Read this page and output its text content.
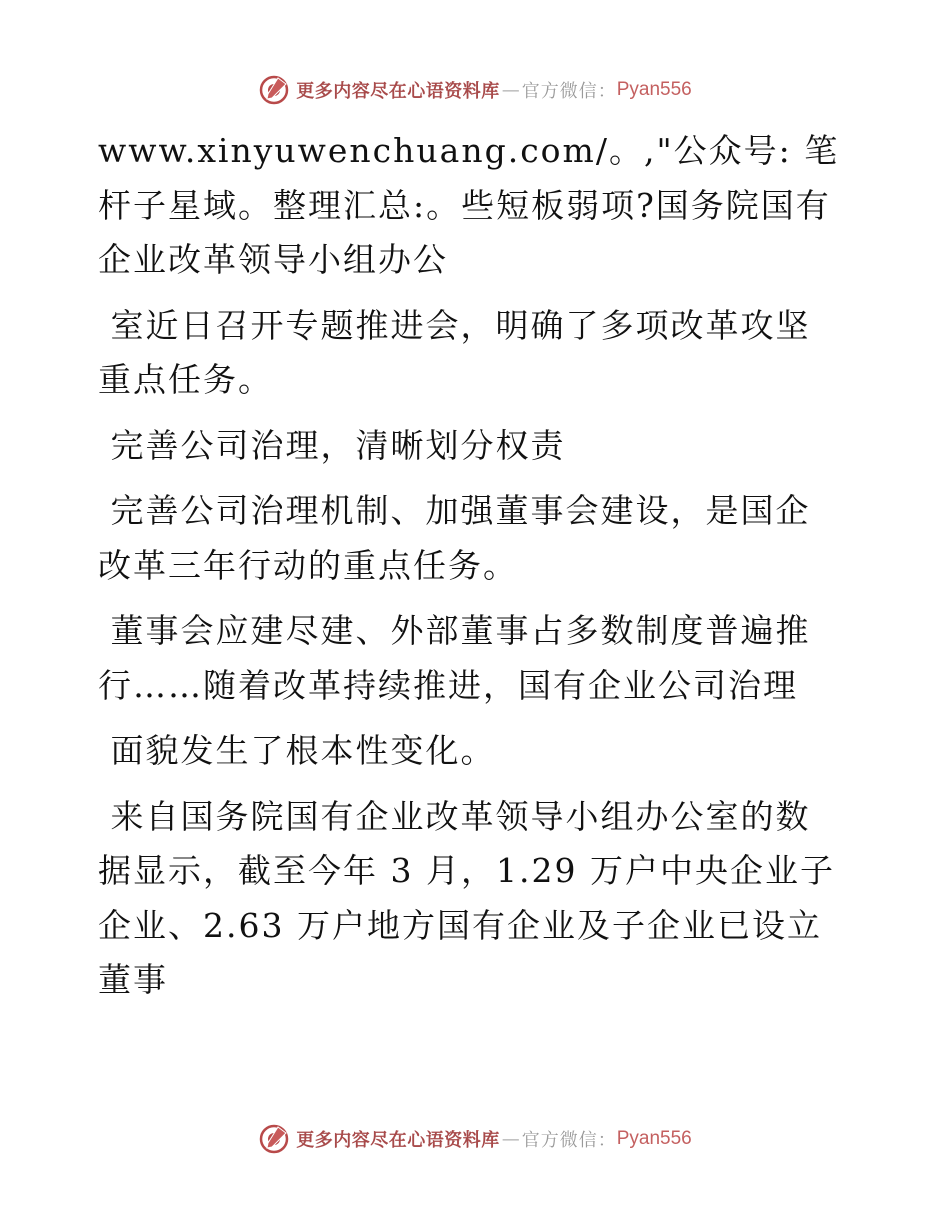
更多内容尽在心语资料库 — 官方微信： Pyan556

www.xinyuwenchuang.com/。,"公众号: 笔杆子星域。整理汇总:。些短板弱项?国务院国有企业改革领导小组办公

室近日召开专题推进会，明确了多项改革攻坚重点任务。

完善公司治理，清晰划分权责

完善公司治理机制、加强董事会建设，是国企改革三年行动的重点任务。

董事会应建尽建、外部董事占多数制度普遍推行……随着改革持续推进，国有企业公司治理

面貌发生了根本性变化。

来自国务院国有企业改革领导小组办公室的数据显示，截至今年 3 月，1.29 万户中央企业子企业、2.63 万户地方国有企业及子企业已设立董事

更多内容尽在心语资料库 — 官方微信： Pyan556
